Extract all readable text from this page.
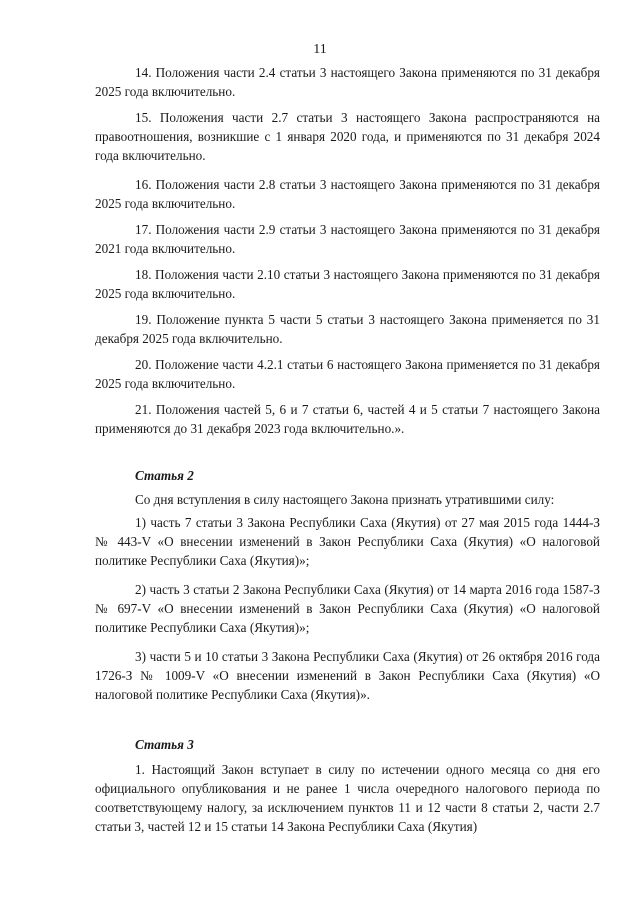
11

14. Положения части 2.4 статьи 3 настоящего Закона применяются по 31 декабря 2025 года включительно.

15. Положения части 2.7 статьи 3 настоящего Закона распространяются на правоотношения, возникшие с 1 января 2020 года, и применяются по 31 декабря 2024 года включительно.

16. Положения части 2.8 статьи 3 настоящего Закона применяются по 31 декабря 2025 года включительно.

17. Положения части 2.9 статьи 3 настоящего Закона применяются по 31 декабря 2021 года включительно.

18. Положения части 2.10 статьи 3 настоящего Закона применяются по 31 декабря 2025 года включительно.

19. Положение пункта 5 части 5 статьи 3 настоящего Закона применяется по 31 декабря 2025 года включительно.

20. Положение части 4.2.1 статьи 6 настоящего Закона применяется по 31 декабря 2025 года включительно.

21. Положения частей 5, 6 и 7 статьи 6, частей 4 и 5 статьи 7 настоящего Закона применяются до 31 декабря 2023 года включительно.».

Статья 2

Со дня вступления в силу настоящего Закона признать утратившими силу:

1) часть 7 статьи 3 Закона Республики Саха (Якутия) от 27 мая 2015 года 1444-З № 443-V «О внесении изменений в Закон Республики Саха (Якутия) «О налоговой политике Республики Саха (Якутия)»;

2) часть 3 статьи 2 Закона Республики Саха (Якутия) от 14 марта 2016 года 1587-З № 697-V «О внесении изменений в Закон Республики Саха (Якутия) «О налоговой политике Республики Саха (Якутия)»;

3) части 5 и 10 статьи 3 Закона Республики Саха (Якутия) от 26 октября 2016 года 1726-З № 1009-V «О внесении изменений в Закон Республики Саха (Якутия) «О налоговой политике Республики Саха (Якутия)».

Статья 3

1. Настоящий Закон вступает в силу по истечении одного месяца со дня его официального опубликования и не ранее 1 числа очередного налогового периода по соответствующему налогу, за исключением пунктов 11 и 12 части 8 статьи 2, части 2.7 статьи 3, частей 12 и 15 статьи 14 Закона Республики Саха (Якутия)
